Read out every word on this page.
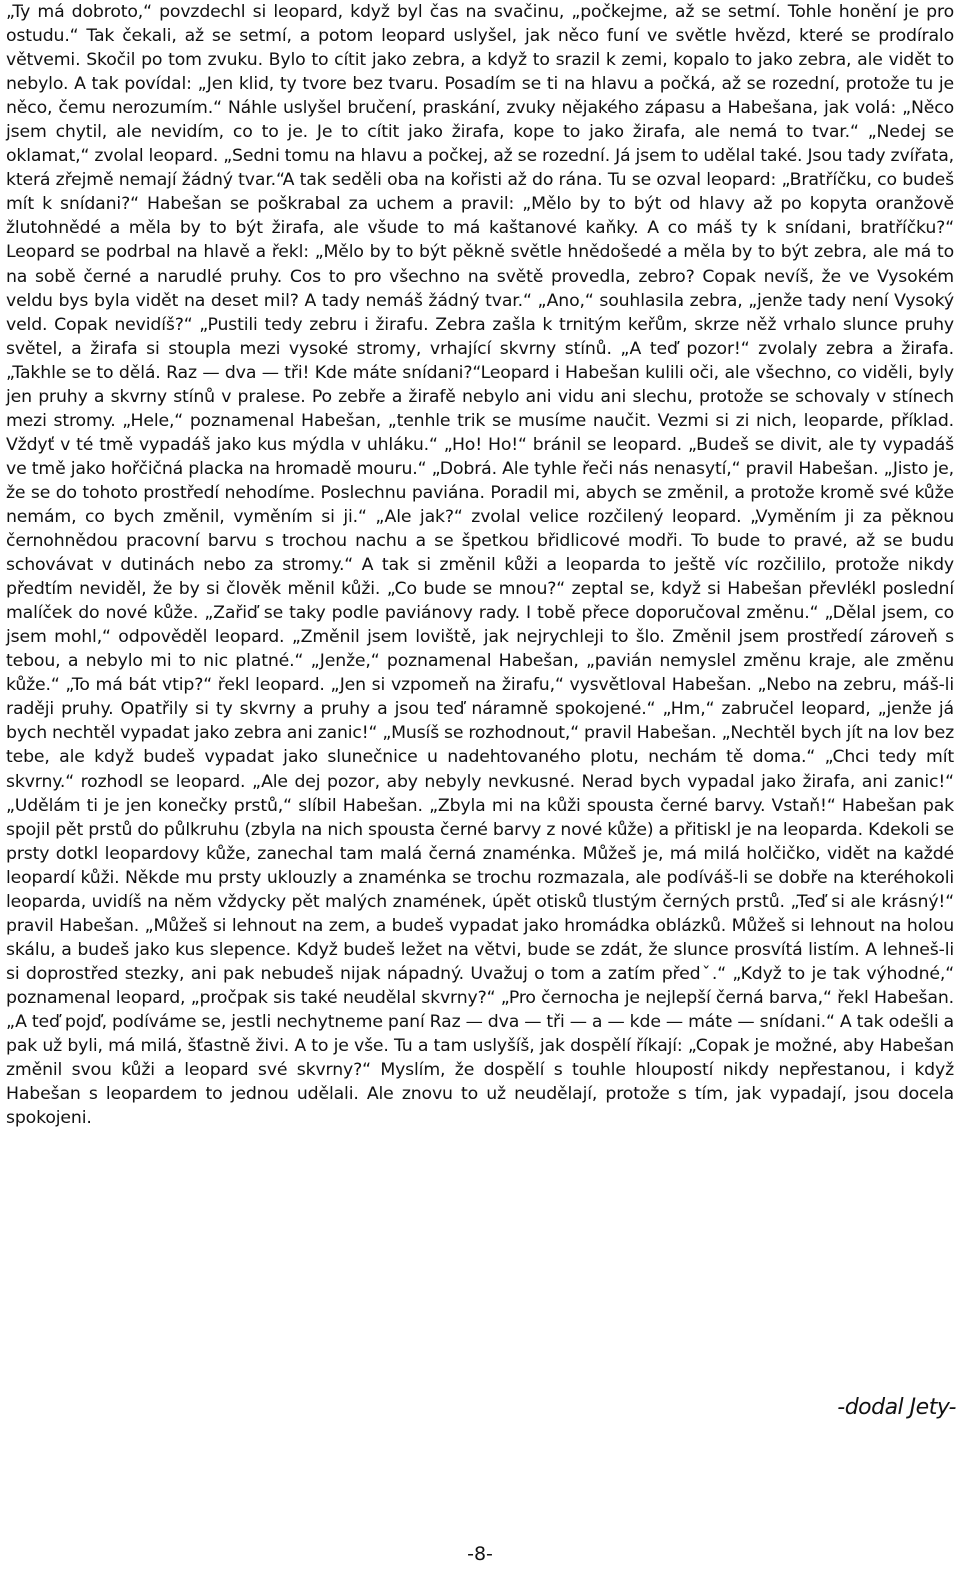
„Ty má dobroto,“ povzdechl si leopard, když byl čas na svačinu, „počkejme, až se setmí. Tohle honění je pro ostudu.“ Tak čekali, až se setmí, a potom leopard uslyšel, jak něco funí ve světle hvězd, které se prodíralo větvemi. Skočil po tom zvuku. Bylo to cítit jako zebra, a když to srazil k zemi, kopalo to jako zebra, ale vidět to nebylo. A tak povídal: „Jen klid, ty tvore bez tvaru. Posadím se ti na hlavu a počká, až se rozední, protože tu je něco, čemu nerozumím.“ Náhle uslyšel bručení, praskání, zvuky nějakého zápasu a Habešana, jak volá: „Něco jsem chytil, ale nevidím, co to je. Je to cítit jako žirafa, kope to jako žirafa, ale nemá to tvar.“ „Nedej se oklamat,“ zvolal leopard. „Sedni tomu na hlavu a počkej, až se rozední. Já jsem to udělal také. Jsou tady zvířata, která zřejmě nemají žádný tvar.“A tak seděli oba na kořisti až do rána. Tu se ozval leopard: „Bratříčku, co budeš mít k snídani?“ Habešan se poškrabal za uchem a pravil: „Mělo by to být od hlavy až po kopyta oranžově žlutohnědé a měla by to být žirafa, ale všude to má kaštanové kaňky. A co máš ty k snídani, bratříčku?“ Leopard se podrbal na hlavě a řekl: „Mělo by to být pěkně světle hnědošedé a měla by to být zebra, ale má to na sobě černé a narudlé pruhy. Cos to pro všechno na světě provedla, zebro? Copak nevíš, že ve Vysokém veldu bys byla vidět na deset mil? A tady nemáš žádný tvar.“ „Ano,“ souhlasila zebra, „jenže tady není Vysoký veld. Copak nevidíš?“ „Pustili tedy zebru i žirafu. Zebra zašla k trnitým keřům, skrze něž vrhalo slunce pruhy světel, a žirafa si stoupla mezi vysoké stromy, vrhající skvrny stínů. „A teď pozor!“ zvolaly zebra a žirafa. „Takhle se to dělá. Raz — dva — tři! Kde máte snídani?“Leopard i Habešan kulili oči, ale všechno, co viděli, byly jen pruhy a skvrny stínů v pralese. Po zebře a žirafě nebylo ani vidu ani slechu, protože se schovaly v stínech mezi stromy. „Hele,“ poznamenal Habešan, „tenhle trik se musíme naučit. Vezmi si zi nich, leoparde, příklad. Vždyť v té tmě vypadáš jako kus mýdla v uhláku.“ „Ho! Ho!“ bránil se leopard. „Budeš se divit, ale ty vypadáš ve tmě jako hořčičná placka na hromadě mouru.“ „Dobrá. Ale tyhle řeči nás nenasytí,“ pravil Habešan. „Jisto je, že se do tohoto prostředí nehodíme. Poslechnu paviána. Poradil mi, abych se změnil, a protože kromě své kůže nemám, co bych změnil, vyměním si ji.“ „Ale jak?“ zvolal velice rozčilený leopard. „Vyměním ji za pěknou černohnědou pracovní barvu s trochou nachu a se špetkou břidlicové modři. To bude to pravé, až se budu schovávat v dutinách nebo za stromy.“ A tak si změnil kůži a leoparda to ještě víc rozčililo, protože nikdy předtím neviděl, že by si člověk měnil kůži. „Co bude se mnou?“ zeptal se, když si Habešan převlékl poslední malíček do nové kůže. „Zařiď se taky podle paviánovy rady. I tobě přece doporučoval změnu.“ „Dělal jsem, co jsem mohl,“ odpověděl leopard. „Změnil jsem loviště, jak nejrychleji to šlo. Změnil jsem prostředí zároveň s tebou, a nebylo mi to nic platné.“ „Jenže,“ poznamenal Habešan, „pavián nemyslel změnu kraje, ale změnu kůže.“ „To má bát vtip?“ řekl leopard. „Jen si vzpomeň na žirafu,“ vysvětloval Habešan. „Nebo na zebru, máš-li raději pruhy. Opatřily si ty skvrny a pruhy a jsou teď náramně spokojené.“ „Hm,“ zabručel leopard, „jenže já bych nechtěl vypadat jako zebra ani zanic!“ „Musíš se rozhodnout,“ pravil Habešan. „Nechtěl bych jít na lov bez tebe, ale když budeš vypadat jako slunečnice u nadehtovaného plotu, nechám tě doma.“ „Chci tedy mít skvrny.“ rozhodl se leopard. „Ale dej pozor, aby nebyly nevkusné. Nerad bych vypadal jako žirafa, ani zanic!“ „Udělám ti je jen konečky prstů,“ slíbil Habešan. „Zbyla mi na kůži spousta černé barvy. Vstaň!“ Habešan pak spojil pět prstů do půlkruhu (zbyla na nich spousta černé barvy z nové kůže) a přitiskl je na leoparda. Kdekoli se prsty dotkl leopardovy kůže, zanechal tam malá černá znaménka. Můžeš je, má milá holčičko, vidět na každé leopardí kůži. Někde mu prsty uklouzly a znaménka se trochu rozmazala, ale podíváš-li se dobře na kteréhokoli leoparda, uvidíš na něm vždycky pět malých znamének, úpět otisků tlustým černých prstů. „Teď si ale krásný!“ pravil Habešan. „Můžeš si lehnout na zem, a budeš vypadat jako hromádka oblázků. Můžeš si lehnout na holou skálu, a budeš jako kus slepence. Když budeš ležet na větvi, bude se zdát, že slunce prosvítá listím. A lehneš-li si doprostřed stezky, ani pak nebudeš nijak nápadný. Uvažuj o tom a zatím předˇ.“ „Když to je tak výhodné,“ poznamenal leopard, „pročpak sis také neudělal skvrny?“ „Pro černocha je nejlepší černá barva,“ řekl Habešan. „A teď pojď, podíváme se, jestli nechytneme paní Raz — dva — tři — a — kde — máte — snídani.“ A tak odešli a pak už byli, má milá, šťastně živi. A to je vše. Tu a tam uslyšíš, jak dospělí říkají: „Copak je možné, aby Habešan změnil svou kůži a leopard své skvrny?“ Myslím, že dospělí s touhle hloupostí nikdy nepřestanou, i když Habešan s leopardem to jednou udělali. Ale znovu to už neudělají, protože s tím, jak vypadají, jsou docela spokojeni.

-dodal Jety-
-8-
